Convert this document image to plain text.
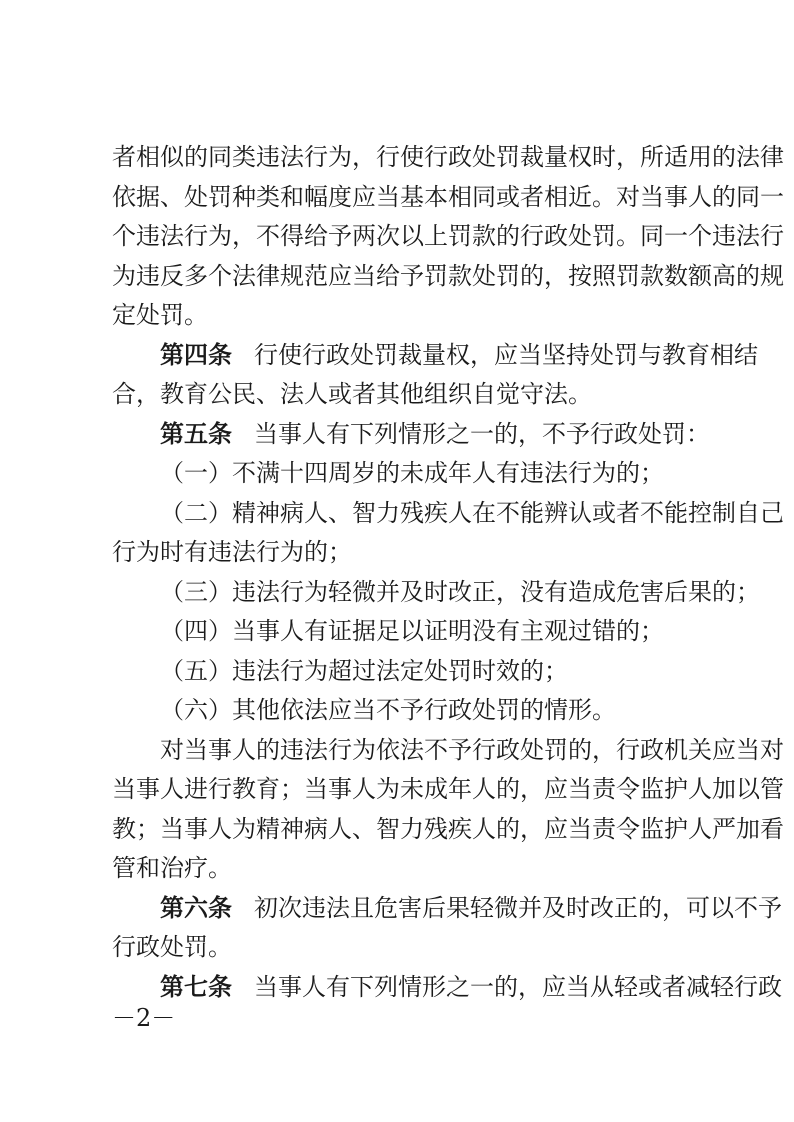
者相似的同类违法行为，行使行政处罚裁量权时，所适用的法律
依据、处罚种类和幅度应当基本相同或者相近。对当事人的同一
个违法行为，不得给予两次以上罚款的行政处罚。同一个违法行
为违反多个法律规范应当给予罚款处罚的，按照罚款数额高的规
定处罚。
第四条 行使行政处罚裁量权，应当坚持处罚与教育相结
合，教育公民、法人或者其他组织自觉守法。
第五条 当事人有下列情形之一的，不予行政处罚：
（一）不满十四周岁的未成年人有违法行为的；
（二）精神病人、智力残疾人在不能辨认或者不能控制自己
行为时有违法行为的；
（三）违法行为轻微并及时改正，没有造成危害后果的；
（四）当事人有证据足以证明没有主观过错的；
（五）违法行为超过法定处罚时效的；
（六）其他依法应当不予行政处罚的情形。
对当事人的违法行为依法不予行政处罚的，行政机关应当对
当事人进行教育；当事人为未成年人的，应当责令监护人加以管
教；当事人为精神病人、智力残疾人的，应当责令监护人严加看
管和治疗。
第六条 初次违法且危害后果轻微并及时改正的，可以不予
行政处罚。
第七条 当事人有下列情形之一的，应当从轻或者减轻行政
－2－
